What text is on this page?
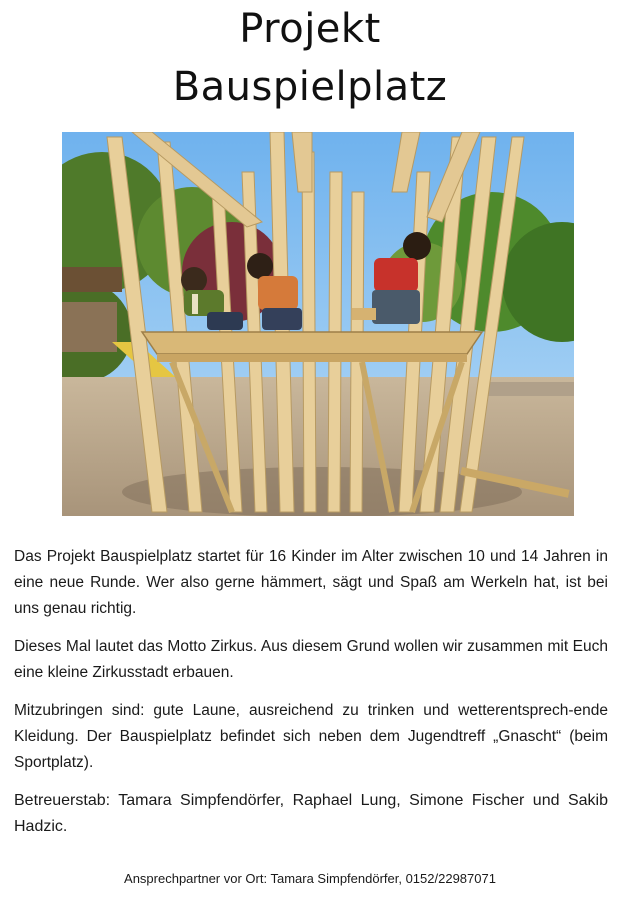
Projekt
Bauspielplatz

Das Projekt Bauspielplatz startet für 16 Kinder im Alter zwischen 10 und 14 Jahren in eine neue Runde. Wer also gerne hämmert, sägt und Spaß am Werkeln hat, ist bei uns genau richtig.

Dieses Mal lautet das Motto Zirkus. Aus diesem Grund wollen wir zusammen mit Euch eine kleine Zirkusstadt erbauen.

Mitzubringen sind: gute Laune, ausreichend zu trinken und wetterentsprech-ende Kleidung. Der Bauspielplatz befindet sich neben dem Jugendtreff „Gnascht“ (beim Sportplatz).

Betreuerstab: Tamara Simpfendörfer, Raphael Lung, Simone Fischer und Sakib Hadzic.

Ansprechpartner vor Ort: Tamara Simpfendörfer, 0152/22987071
